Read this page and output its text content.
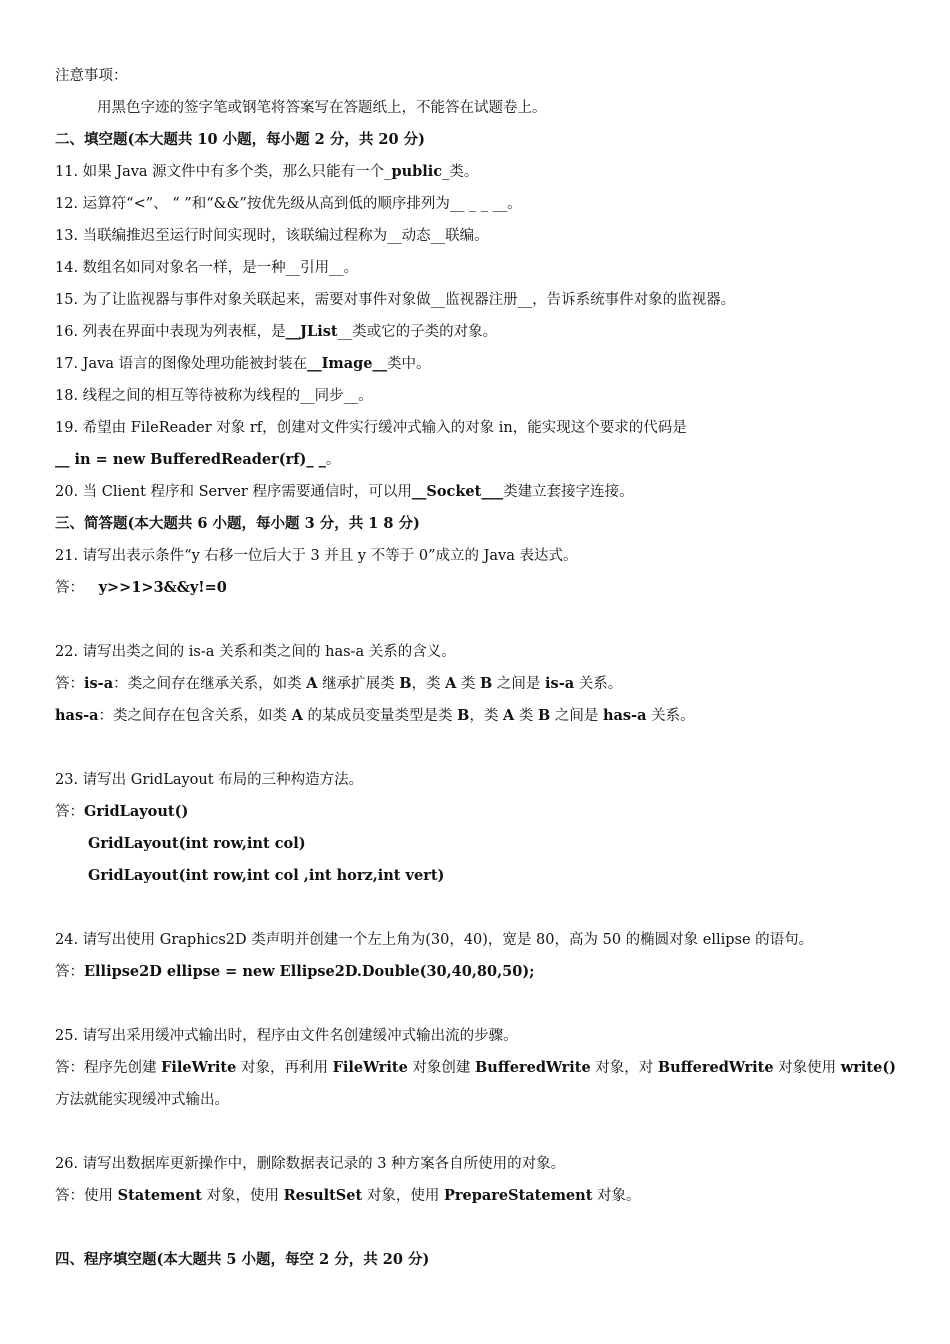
注意事项：
用黑色字迹的签字笔或钢笔将答案写在答题纸上，不能答在试题卷上。
二、填空题(本大题共 10 小题，每小题 2 分，共 20 分)
11. 如果 Java 源文件中有多个类，那么只能有一个_public_类。
12. 运算符“<”、 “ ”和“&&”按优先级从高到低的顺序排列为__ _ _ __。
13. 当联编推迟至运行时间实现时，该联编过程称为__动态__联编。
14. 数组名如同对象名一样，是一种__引用__。
15. 为了让监视器与事件对象关联起来，需要对事件对象做__监视器注册__，告诉系统事件对象的监视器。
16. 列表在界面中表现为列表框，是__JList__类或它的子类的对象。
17. Java 语言的图像处理功能被封装在__Image__类中。
18. 线程之间的相互等待被称为线程的__同步__。
19. 希望由 FileReader 对象 rf，创建对文件实行缓冲式输入的对象 in，能实现这个要求的代码是
__ in = new BufferedReader(rf)_ _。
20. 当 Client 程序和 Server 程序需要通信时，可以用__Socket___类建立套接字连接。
三、简答题(本大题共 6 小题，每小题 3 分，共 1 8 分)
21. 请写出表示条件“y 右移一位后大于 3 并且 y 不等于 0”成立的 Java 表达式。
答： y>>1>3&&y!=0
22. 请写出类之间的 is-a 关系和类之间的 has-a 关系的含义。
答：is-a：类之间存在继承关系，如类 A 继承扩展类 B，类 A 类 B 之间是 is-a 关系。
has-a：类之间存在包含关系，如类 A 的某成员变量类型是类 B，类 A 类 B 之间是 has-a 关系。
23. 请写出 GridLayout 布局的三种构造方法。
答：GridLayout()
GridLayout(int row,int col)
GridLayout(int row,int col ,int horz,int vert)
24. 请写出使用 Graphics2D 类声明并创建一个左上角为(30，40)，宽是 80，高为 50 的椭圆对象 ellipse 的语句。
答：Ellipse2D ellipse = new Ellipse2D.Double(30,40,80,50);
25. 请写出采用缓冲式输出时，程序由文件名创建缓冲式输出流的步骤。
答：程序先创建 FileWrite 对象，再利用 FileWrite 对象创建 BufferedWrite 对象，对 BufferedWrite 对象使用 write()
方法就能实现缓冲式输出。
26. 请写出数据库更新操作中，删除数据表记录的 3 种方案各自所使用的对象。
答：使用 Statement 对象，使用 ResultSet 对象，使用 PrepareStatement 对象。
四、程序填空题(本大题共 5 小题，每空 2 分，共 20 分)
